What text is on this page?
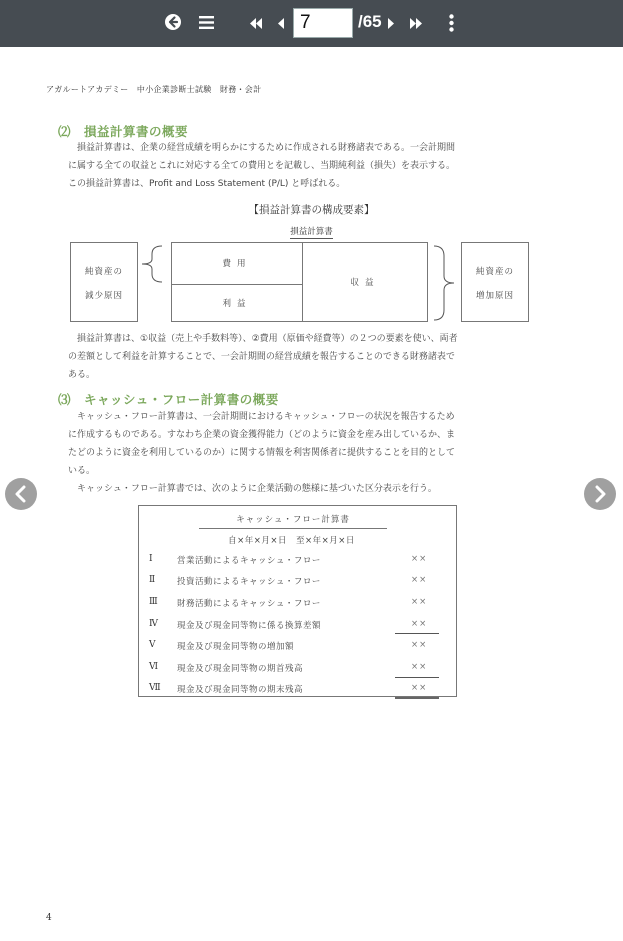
7	/65
アガルートアカデミー　中小企業診断士試験　財務・会計
⑵　損益計算書の概要
　損益計算書は、企業の経営成績を明らかにするために作成される財務諸表である。一会計期間
に属する全ての収益とこれに対応する全ての費用とを記載し、当期純利益（損失）を表示する。
この損益計算書は、Profit and Loss Statement (P/L) と呼ばれる。
【損益計算書の構成要素】
損益計算書
純資産の
減少原因
費用
利益
収益
純資産の
増加原因
　損益計算書は、①収益（売上や手数料等）、②費用（原価や経費等）の２つの要素を使い、両者
の差額として利益を計算することで、一会計期間の経営成績を報告することのできる財務諸表で
ある。
⑶　キャッシュ・フロー計算書の概要
　キャッシュ・フロー計算書は、一会計期間におけるキャッシュ・フローの状況を報告するため
に作成するものである。すなわち企業の資金獲得能力（どのように資金を産み出しているか、ま
たどのように資金を利用しているのか）に関する情報を利害関係者に提供することを目的として
いる。
　キャッシュ・フロー計算書では、次のように企業活動の態様に基づいた区分表示を行う。
キャッシュ・フロー計算書
自×年×月×日　至×年×月×日
Ⅰ	営業活動によるキャッシュ・フロー	××
Ⅱ	投資活動によるキャッシュ・フロー	××
Ⅲ 財務活動によるキャッシュ・フロー	××
Ⅳ 現金及び現金同等物に係る換算差額	××
Ⅴ	現金及び現金同等物の増加額	××
Ⅵ 現金及び現金同等物の期首残高	××
Ⅶ 現金及び現金同等物の期末残高	××
4
